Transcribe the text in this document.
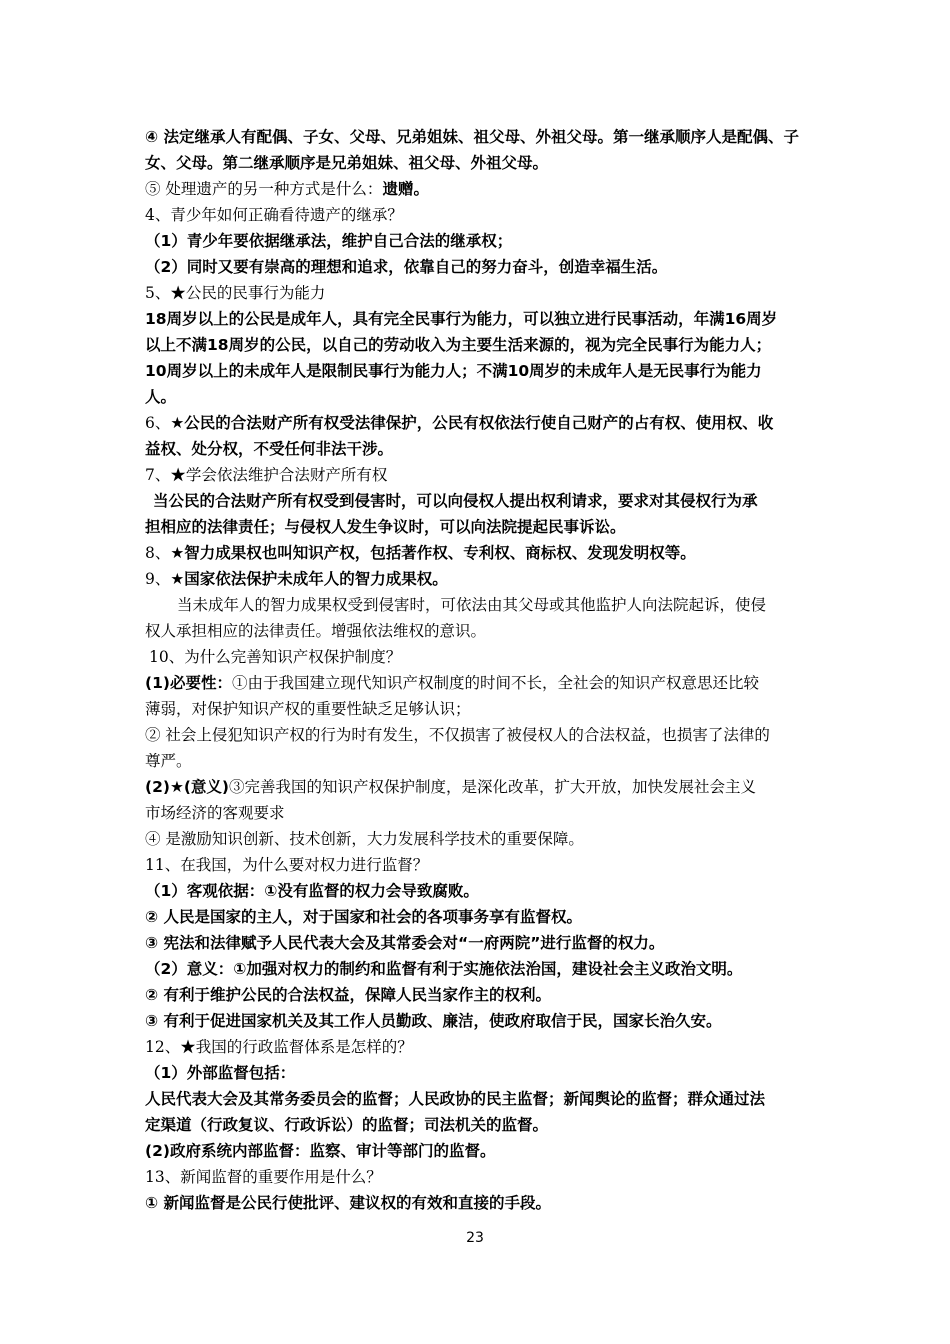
④ 法定继承人有配偶、子女、父母、兄弟姐妹、祖父母、外祖父母。第一继承顺序人是配偶、子
女、父母。第二继承顺序是兄弟姐妹、祖父母、外祖父母。
⑤ 处理遗产的另一种方式是什么：遗赠。
4、青少年如何正确看待遗产的继承？
（1）青少年要依据继承法，维护自己合法的继承权；
（2）同时又要有崇高的理想和追求，依靠自己的努力奋斗，创造幸福生活。
5、★公民的民事行为能力
18周岁以上的公民是成年人，具有完全民事行为能力，可以独立进行民事活动，年满16周岁
以上不满18周岁的公民，以自己的劳动收入为主要生活来源的，视为完全民事行为能力人；
10周岁以上的未成年人是限制民事行为能力人；不满10周岁的未成年人是无民事行为能力
人。
6、★公民的合法财产所有权受法律保护，公民有权依法行使自己财产的占有权、使用权、收
益权、处分权，不受任何非法干涉。
7、★学会依法维护合法财产所有权
当公民的合法财产所有权受到侵害时，可以向侵权人提出权利请求，要求对其侵权行为承
担相应的法律责任；与侵权人发生争议时，可以向法院提起民事诉讼。
8、★智力成果权也叫知识产权，包括著作权、专利权、商标权、发现发明权等。
9、★国家依法保护未成年人的智力成果权。
当未成年人的智力成果权受到侵害时，可依法由其父母或其他监护人向法院起诉，使侵
权人承担相应的法律责任。增强依法维权的意识。
10、为什么完善知识产权保护制度？
(1)必要性：①由于我国建立现代知识产权制度的时间不长，全社会的知识产权意思还比较
薄弱，对保护知识产权的重要性缺乏足够认识；
② 社会上侵犯知识产权的行为时有发生，不仅损害了被侵权人的合法权益，也损害了法律的
尊严。
(2)★(意义)③完善我国的知识产权保护制度，是深化改革，扩大开放，加快发展社会主义
市场经济的客观要求
④ 是激励知识创新、技术创新，大力发展科学技术的重要保障。
11、在我国，为什么要对权力进行监督？
（1）客观依据：①没有监督的权力会导致腐败。
② 人民是国家的主人，对于国家和社会的各项事务享有监督权。
③ 宪法和法律赋予人民代表大会及其常委会对“一府两院”进行监督的权力。
（2）意义：①加强对权力的制约和监督有利于实施依法治国，建设社会主义政治文明。
② 有利于维护公民的合法权益，保障人民当家作主的权利。
③ 有利于促进国家机关及其工作人员勤政、廉洁，使政府取信于民，国家长治久安。
12、★我国的行政监督体系是怎样的？
（1）外部监督包括：
人民代表大会及其常务委员会的监督；人民政协的民主监督；新闻舆论的监督；群众通过法
定渠道（行政复议、行政诉讼）的监督；司法机关的监督。
(2)政府系统内部监督：监察、审计等部门的监督。
13、新闻监督的重要作用是什么？
① 新闻监督是公民行使批评、建议权的有效和直接的手段。
23
